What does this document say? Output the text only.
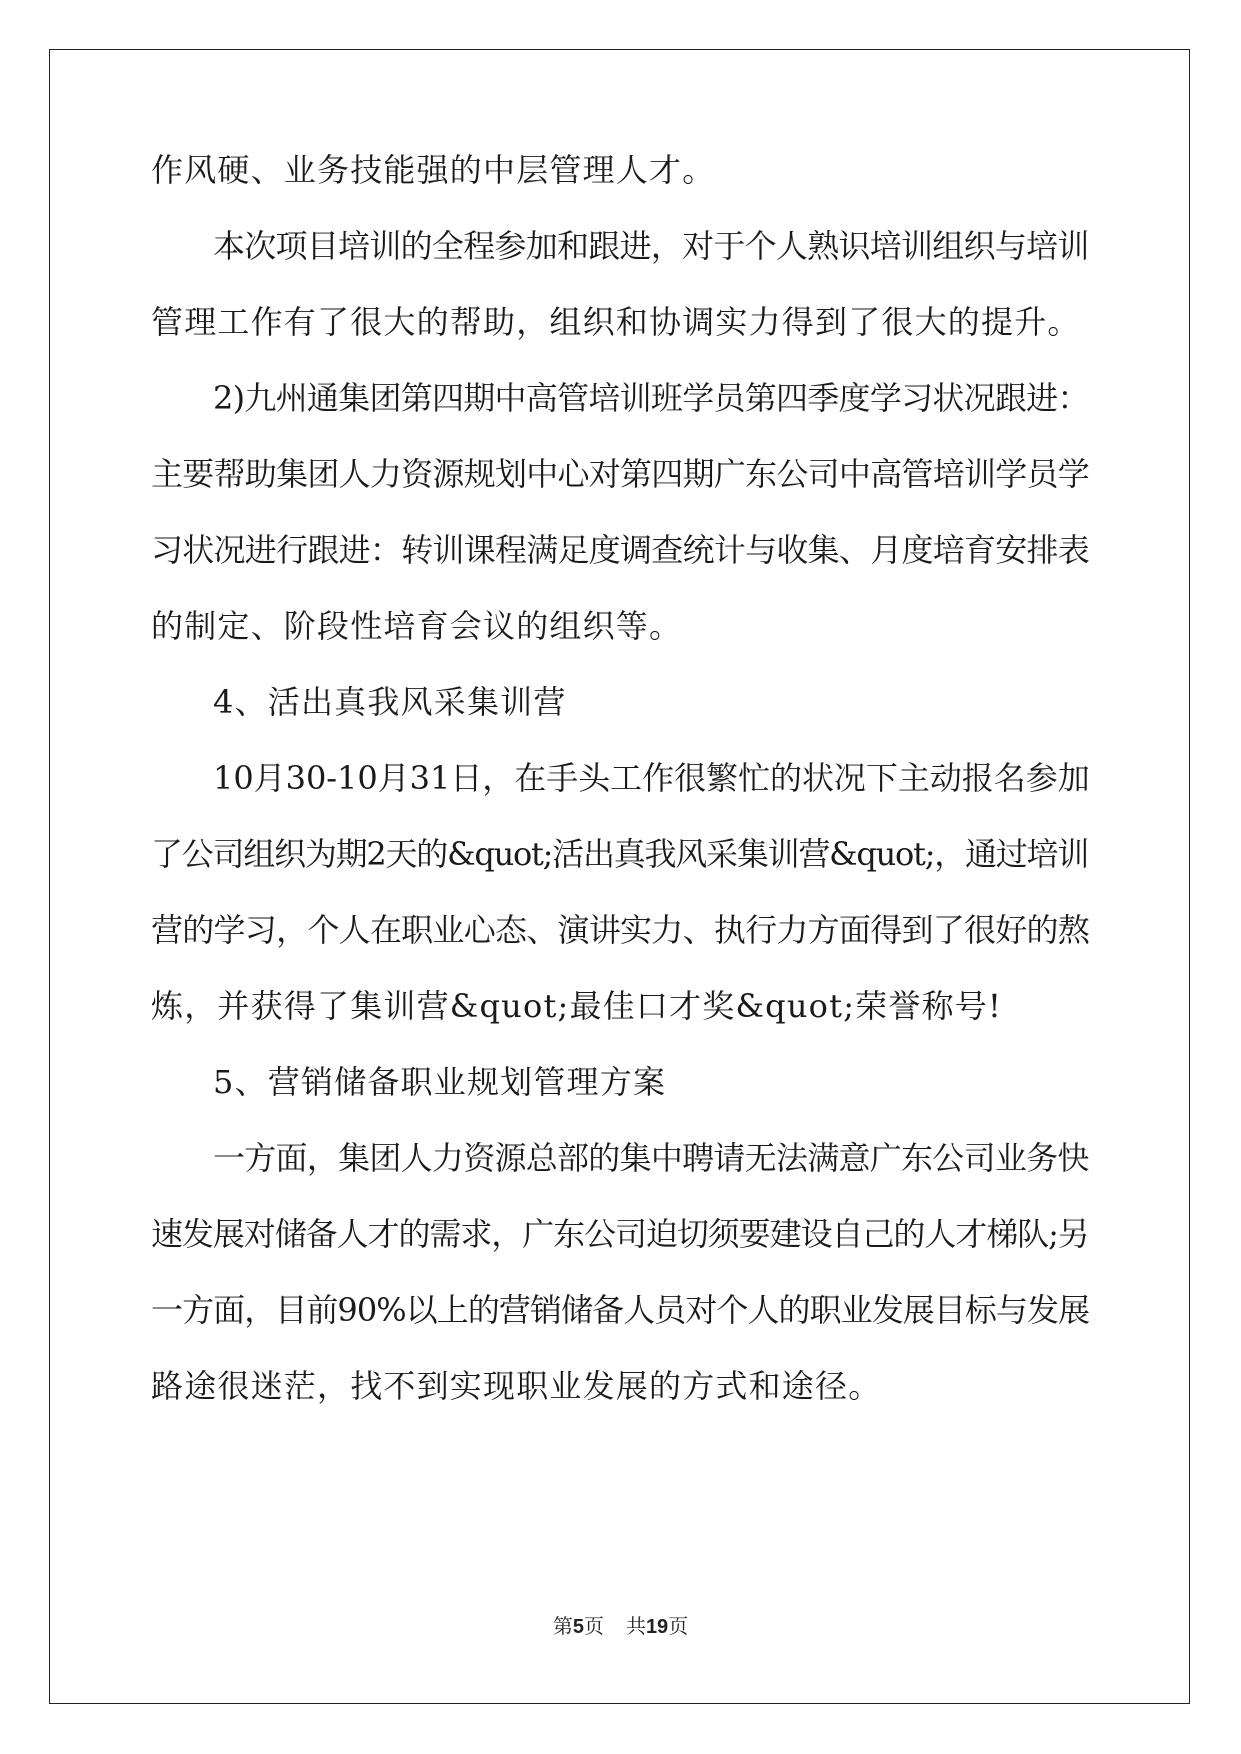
作风硬、业务技能强的中层管理人才。
本次项目培训的全程参加和跟进，对于个人熟识培训组织与培训
管理工作有了很大的帮助，组织和协调实力得到了很大的提升。
2)九州通集团第四期中高管培训班学员第四季度学习状况跟进：
主要帮助集团人力资源规划中心对第四期广东公司中高管培训学员学
习状况进行跟进：转训课程满足度调查统计与收集、月度培育安排表
的制定、阶段性培育会议的组织等。
4、活出真我风采集训营
10月30-10月31日，在手头工作很繁忙的状况下主动报名参加
了公司组织为期2天的&quot;活出真我风采集训营&quot;，通过培训
营的学习，个人在职业心态、演讲实力、执行力方面得到了很好的熬
炼，并获得了集训营&quot;最佳口才奖&quot;荣誉称号!
5、营销储备职业规划管理方案
一方面，集团人力资源总部的集中聘请无法满意广东公司业务快
速发展对储备人才的需求，广东公司迫切须要建设自己的人才梯队;另
一方面，目前90%以上的营销储备人员对个人的职业发展目标与发展
路途很迷茫，找不到实现职业发展的方式和途径。
第5页 共19页
